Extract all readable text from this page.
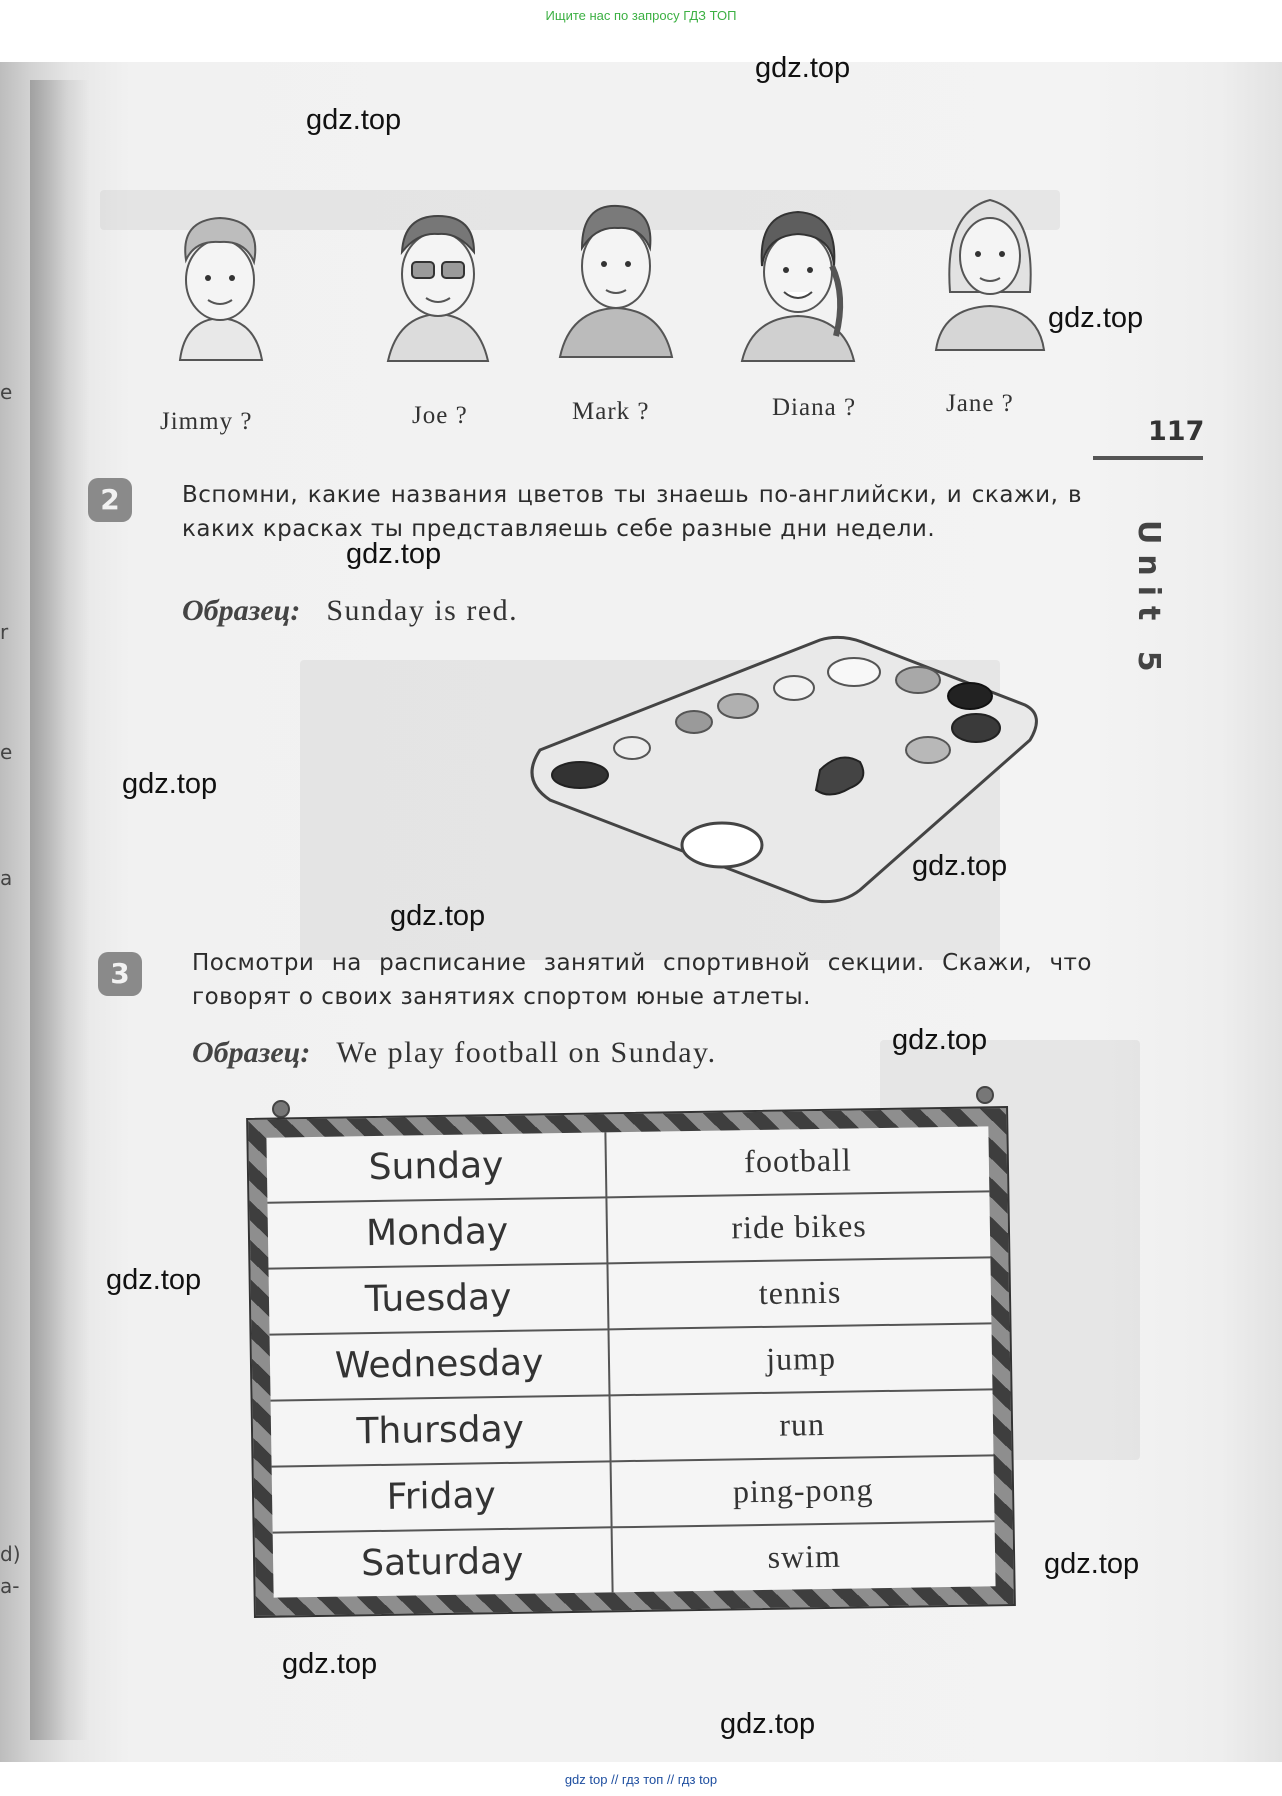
Ищите нас по запросу ГДЗ ТОП
e
r
e
a
d)
a-
gdz.top
gdz.top
gdz.top
gdz.top
gdz.top
gdz.top
gdz.top
gdz.top
gdz.top
gdz.top
gdz.top
gdz.top
Jimmy ?	Joe ?	Mark ?	Diana ?	Jane ?
117
Unit 5
2	Вспомни, какие названия цветов ты знаешь по-английски, и скажи, в каких красках ты представляешь себе разные дни недели.
Образец: Sunday is red.
3	Посмотри на расписание занятий спортивной секции. Скажи, что говорят о своих занятиях спортом юные атлеты.
Образец: We play football on Sunday.
Sunday	football
Monday	ride bikes
Tuesday	tennis
Wednesday	jump
Thursday	run
Friday	ping-pong
Saturday	swim
gdz top // гдз топ // гдз top
